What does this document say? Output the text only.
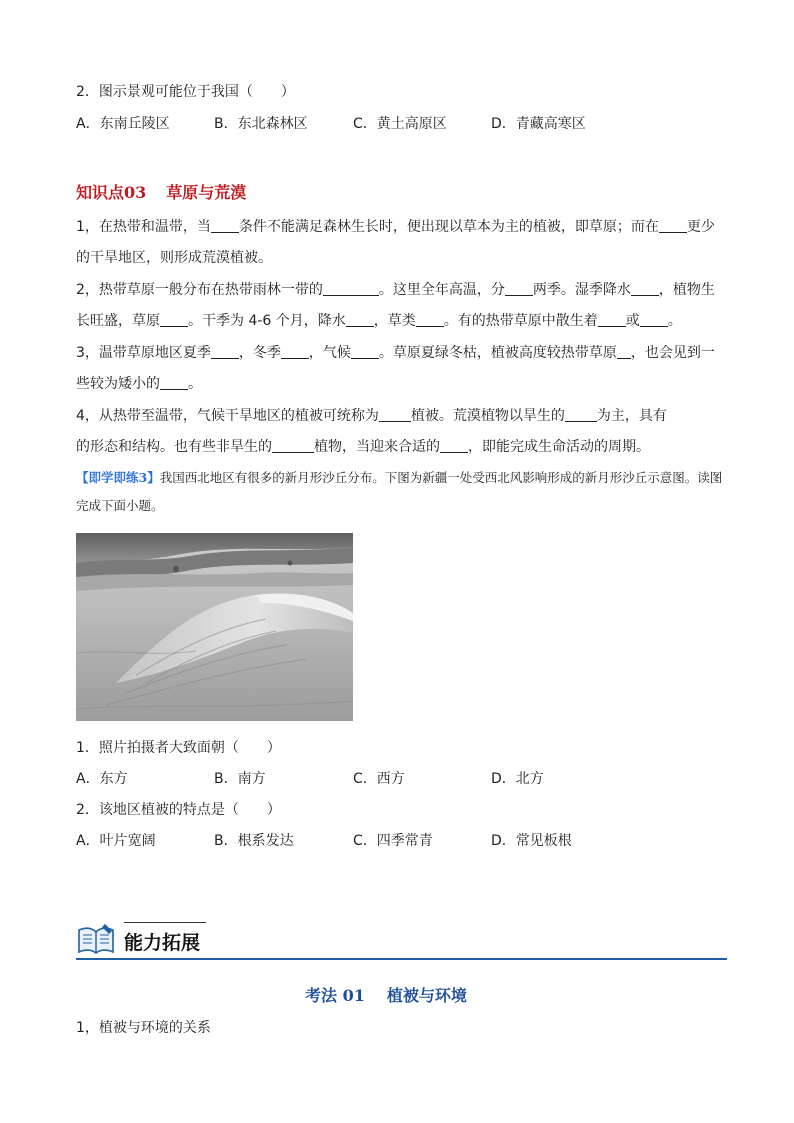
2．图示景观可能位于我国（　　）
A．东南丘陵区	B．东北森林区	C．黄土高原区	D．青藏高寒区
知识点03 草原与荒漠
1，在热带和温带，当 条件不能满足森林生长时，便出现以草本为主的植被，即草原；而在 更少
的干旱地区，则形成荒漠植被。
2，热带草原一般分布在热带雨林一带的	。这里全年高温，分 两季。湿季降水 ，植物生
长旺盛，草原 。干季为 4-6 个月，降水 ，草类 。有的热带草原中散生着 或 。
3，温带草原地区夏季 ，冬季 ，气候 。草原夏绿冬枯，植被高度较热带草原 ，也会见到一
些较为矮小的 。
4，从热带至温带，气候干旱地区的植被可统称为 植被。荒漠植物以旱生的 为主，具有
的形态和结构。也有些非旱生的	植物，当迎来合适的 ，即能完成生命活动的周期。
【即学即练3】我国西北地区有很多的新月形沙丘分布。下图为新疆一处受西北风影响形成的新月形沙丘示意图。读图完成下面小题。
1．照片拍摄者大致面朝（　　）
A．东方	B．南方	C．西方	D．北方
2．该地区植被的特点是（　　）
A．叶片宽阔	B．根系发达	C．四季常青	D．常见板根
能力拓展
考法 01 植被与环境
1，植被与环境的关系
